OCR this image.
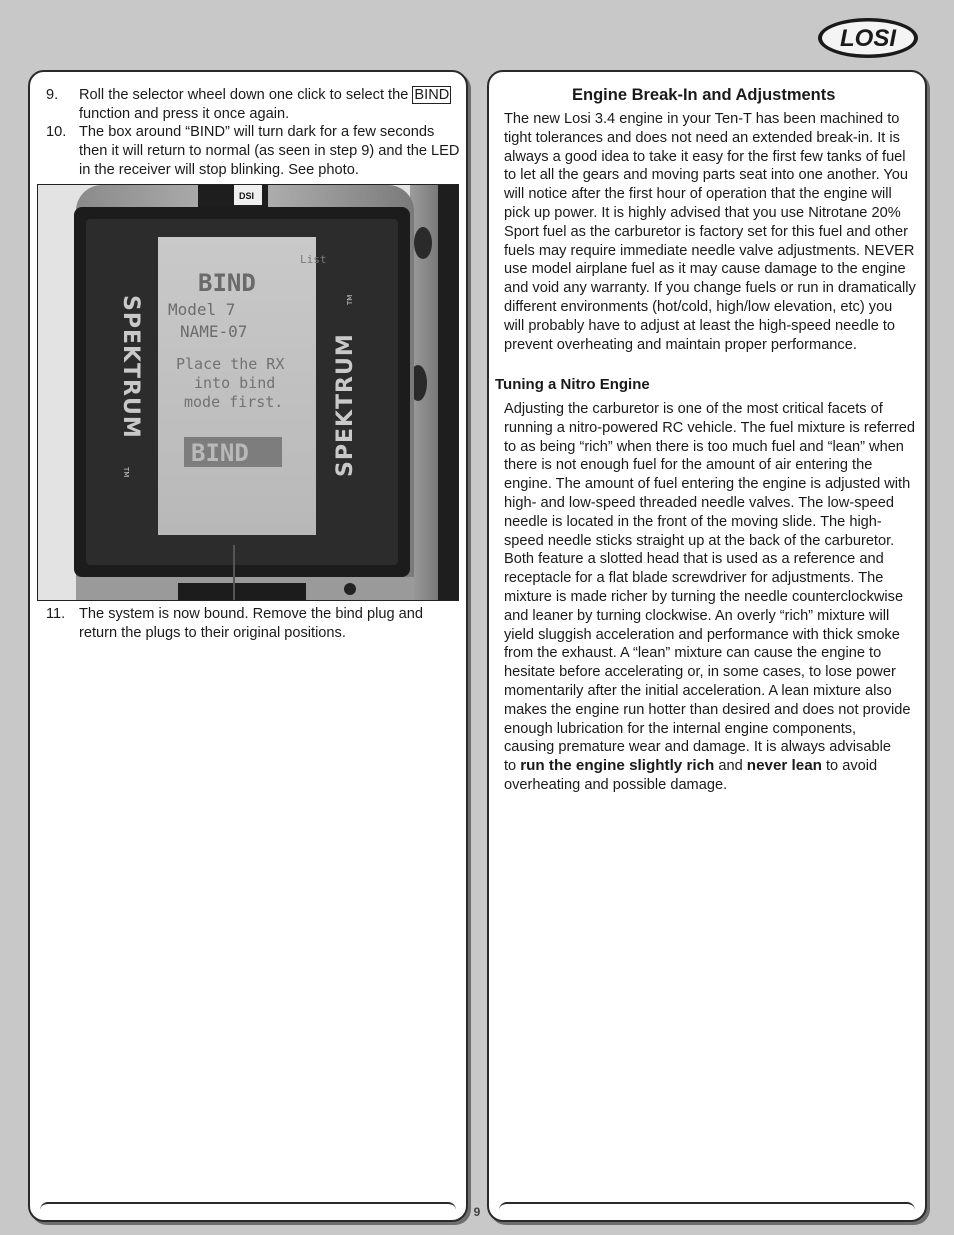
LOSI
9
9.	Roll the selector wheel down one click to select the BIND function and press it once again.
10. The box around “BIND” will turn dark for a few seconds then it will return to normal (as seen in step 9) and the LED in the receiver will stop blinking. See photo.
DSI
List
BIND
Model 7
NAME-07
Place the RX
into bind
mode first.
BIND
SPEKTRUM
TM	SPEKTRUM
TM
11. The system is now bound. Remove the bind plug and return the plugs to their original positions.
Engine Break-In and Adjustments
The new Losi 3.4 engine in your Ten-T has been machined to
tight tolerances and does not need an extended break-in. It is
always a good idea to take it easy for the first few tanks of fuel
to let all the gears and moving parts seat into one another. You
will notice after the first hour of operation that the engine will
pick up power. It is highly advised that you use Nitrotane 20%
Sport fuel as the carburetor is factory set for this fuel and other
fuels may require immediate needle valve adjustments. NEVER
use model airplane fuel as it may cause damage to the engine
and void any warranty. If you change fuels or run in dramatically
different environments (hot/cold, high/low elevation, etc) you
will probably have to adjust at least the high-speed needle to
prevent overheating and maintain proper performance.
Tuning a Nitro Engine
Adjusting the carburetor is one of the most critical facets of
running a nitro-powered RC vehicle. The fuel mixture is referred
to as being “rich” when there is too much fuel and “lean” when
there is not enough fuel for the amount of air entering the
engine. The amount of fuel entering the engine is adjusted with
high- and low-speed threaded needle valves. The low-speed
needle is located in the front of the moving slide. The high-
speed needle sticks straight up at the back of the carburetor.
Both feature a slotted head that is used as a reference and
receptacle for a flat blade screwdriver for adjustments. The
mixture is made richer by turning the needle counterclockwise
and leaner by turning clockwise. An overly “rich” mixture will
yield sluggish acceleration and performance with thick smoke
from the exhaust. A “lean” mixture can cause the engine to
hesitate before accelerating or, in some cases, to lose power
momentarily after the initial acceleration. A lean mixture also
makes the engine run hotter than desired and does not provide
enough lubrication for the internal engine components,
causing premature wear and damage. It is always advisable
to run the engine slightly rich and never lean to avoid
overheating and possible damage.
